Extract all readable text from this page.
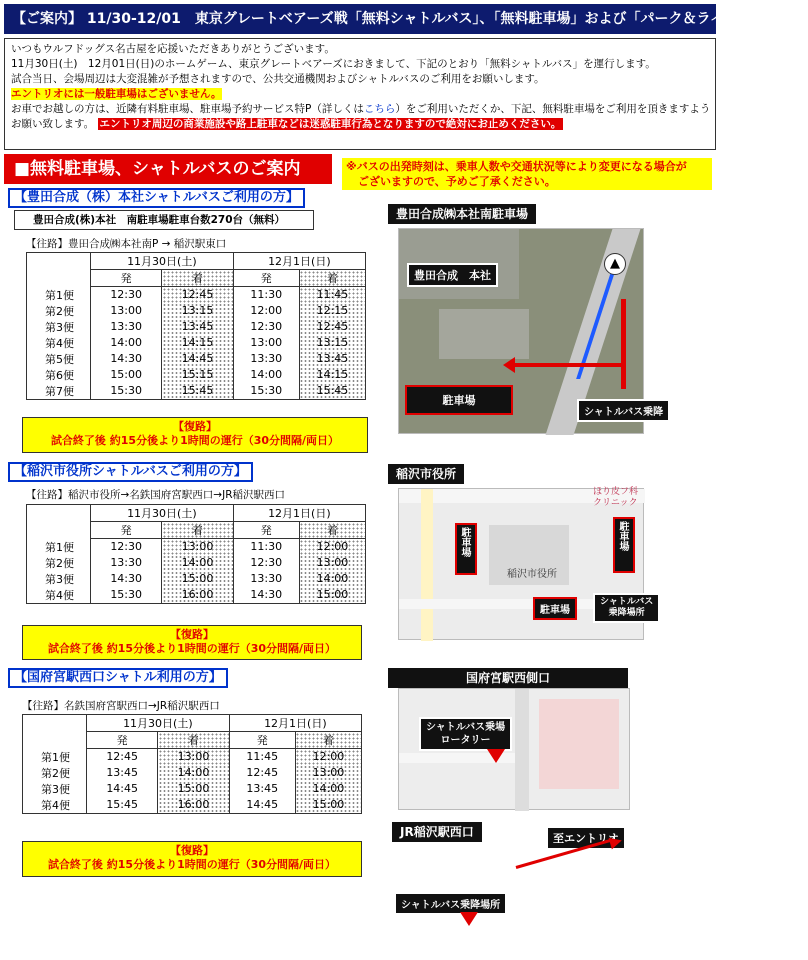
【ご案内】 11/30-12/01　東京グレートベアーズ戦「無料シャトルバス」、「無料駐車場」および「パーク＆ライドサポート」

いつもウルフドッグス名古屋を応援いただきありがとうございます。

11月30日(土)　12月01日(日)のホームゲーム、東京グレートベアーズにおきまして、下記のとおり「無料シャトルバス」を運行します。

試合当日、会場周辺は大変混雑が予想されますので、公共交通機関およびシャトルバスのご利用をお願いします。

エントリオには一般駐車場はございません。

お車でお越しの方は、近隣有料駐車場、駐車場予約サービス特P（詳しくはこちら）をご利用いただくか、下記、無料駐車場をご利用を頂きますよう

お願い致します。 エントリオ周辺の商業施設や路上駐車などは迷惑駐車行為となりますので絶対にお止めください。

■無料駐車場、シャトルバスのご案内	※バスの出発時刻は、乗車人数や交通状況等により変更になる場合が
ございますので、予めご了承ください。
【豊田合成（株）本社シャトルバスご利用の方】
豊田合成(株)本社　南駐車場駐車台数270台（無料）
【往路】豊田合成㈱本社南P → 稲沢駅東口
	11月30日(土)		12月1日(日)	
	発	着	発	着
第1便	12:30	12:45	11:30	11:45
第2便	13:00	13:15	12:00	12:15
第3便	13:30	13:45	12:30	12:45
第4便	14:00	14:15	13:00	13:15
第5便	14:30	14:45	13:30	13:45
第6便	15:00	15:15	14:00	14:15
第7便	15:30	15:45	15:30	15:45
【復路】
試合終了後 約15分後より1時間の運行（30分間隔/両日）
【稲沢市役所シャトルバスご利用の方】
【往路】稲沢市役所→名鉄国府宮駅西口→JR稲沢駅西口
	11月30日(土)		12月1日(日)	
	発	着	発	着
第1便	12:30	13:00	11:30	12:00
第2便	13:30	14:00	12:30	13:00
第3便	14:30	15:00	13:30	14:00
第4便	15:30	16:00	14:30	15:00
【復路】
試合終了後 約15分後より1時間の運行（30分間隔/両日）
【国府宮駅西口シャトル利用の方】
【往路】名鉄国府宮駅西口→JR稲沢駅西口
	11月30日(土)		12月1日(日)	
	発	着	発	着
第1便	12:45	13:00	11:45	12:00
第2便	13:45	14:00	12:45	13:00
第3便	14:45	15:00	13:45	14:00
第4便	15:45	16:00	14:45	15:00
【復路】
試合終了後 約15分後より1時間の運行（30分間隔/両日）
豊田合成㈱本社南駐車場
▲
豊田合成　本社
駐車場
シャトルバス乗降
稲沢市役所
稲沢市役所
ほり皮フ科
クリニック
駐車場	駐車場
駐車場
シャトルバス
乗降場所
国府宮駅西側口
シャトルバス乗場
ロータリー
JR稲沢駅西口	至エントリオ
シャトルバス乗降場所
